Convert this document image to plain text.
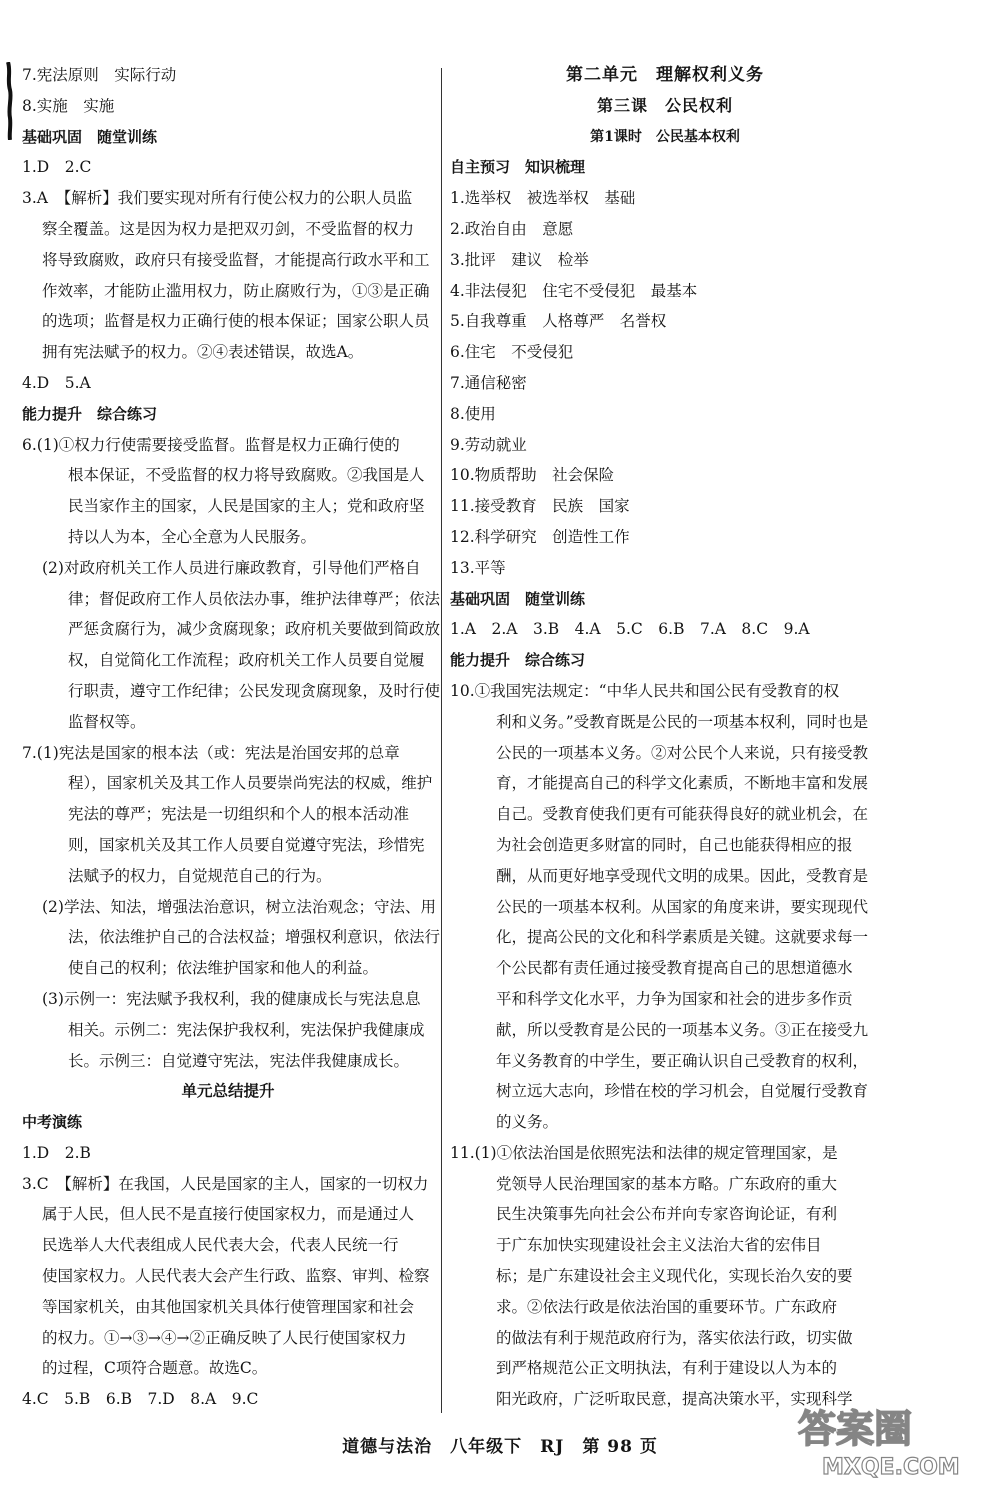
7.宪法原则　实际行动
8.实施　实施
基础巩固　随堂训练
1.D　2.C
3.A　【解析】我们要实现对所有行使公权力的公职人员监
察全覆盖。这是因为权力是把双刃剑，不受监督的权力
将导致腐败，政府只有接受监督，才能提高行政水平和工
作效率，才能防止滥用权力，防止腐败行为，①③是正确
的选项；监督是权力正确行使的根本保证；国家公职人员
拥有宪法赋予的权力。②④表述错误，故选A。
4.D　5.A
能力提升　综合练习
6.(1)①权力行使需要接受监督。监督是权力正确行使的
根本保证，不受监督的权力将导致腐败。②我国是人
民当家作主的国家，人民是国家的主人；党和政府坚
持以人为本，全心全意为人民服务。
(2)对政府机关工作人员进行廉政教育，引导他们严格自
律；督促政府工作人员依法办事，维护法律尊严；依法
严惩贪腐行为，减少贪腐现象；政府机关要做到简政放
权，自觉简化工作流程；政府机关工作人员要自觉履
行职责，遵守工作纪律；公民发现贪腐现象，及时行使
监督权等。
7.(1)宪法是国家的根本法（或：宪法是治国安邦的总章
程），国家机关及其工作人员要崇尚宪法的权威，维护
宪法的尊严；宪法是一切组织和个人的根本活动准
则，国家机关及其工作人员要自觉遵守宪法，珍惜宪
法赋予的权力，自觉规范自己的行为。
(2)学法、知法，增强法治意识，树立法治观念；守法、用
法，依法维护自己的合法权益；增强权利意识，依法行
使自己的权利；依法维护国家和他人的利益。
(3)示例一：宪法赋予我权利，我的健康成长与宪法息息
相关。示例二：宪法保护我权利，宪法保护我健康成
长。示例三：自觉遵守宪法，宪法伴我健康成长。
单元总结提升
中考演练
1.D　2.B
3.C　【解析】在我国，人民是国家的主人，国家的一切权力
属于人民，但人民不是直接行使国家权力，而是通过人
民选举人大代表组成人民代表大会，代表人民统一行
使国家权力。人民代表大会产生行政、监察、审判、检察
等国家机关，由其他国家机关具体行使管理国家和社会
的权力。①→③→④→②正确反映了人民行使国家权力
的过程，C项符合题意。故选C。
4.C　5.B　6.B　7.D　8.A　9.C
第二单元　理解权利义务
第三课　公民权利
第1课时　公民基本权利
自主预习　知识梳理
1.选举权　被选举权　基础
2.政治自由　意愿
3.批评　建议　检举
4.非法侵犯　住宅不受侵犯　最基本
5.自我尊重　人格尊严　名誉权
6.住宅　不受侵犯
7.通信秘密
8.使用
9.劳动就业
10.物质帮助　社会保险
11.接受教育　民族　国家
12.科学研究　创造性工作
13.平等
基础巩固　随堂训练
1.A　2.A　3.B　4.A　5.C　6.B　7.A　8.C　9.A
能力提升　综合练习
10.①我国宪法规定：“中华人民共和国公民有受教育的权
利和义务。”受教育既是公民的一项基本权利，同时也是
公民的一项基本义务。②对公民个人来说，只有接受教
育，才能提高自己的科学文化素质，不断地丰富和发展
自己。受教育使我们更有可能获得良好的就业机会，在
为社会创造更多财富的同时，自己也能获得相应的报
酬，从而更好地享受现代文明的成果。因此，受教育是
公民的一项基本权利。从国家的角度来讲，要实现现代
化，提高公民的文化和科学素质是关键。这就要求每一
个公民都有责任通过接受教育提高自己的思想道德水
平和科学文化水平，力争为国家和社会的进步多作贡
献，所以受教育是公民的一项基本义务。③正在接受九
年义务教育的中学生，要正确认识自己受教育的权利，
树立远大志向，珍惜在校的学习机会，自觉履行受教育
的义务。
11.(1)①依法治国是依照宪法和法律的规定管理国家，是
党领导人民治理国家的基本方略。广东政府的重大
民生决策事先向社会公布并向专家咨询论证，有利
于广东加快实现建设社会主义法治大省的宏伟目
标；是广东建设社会主义现代化，实现长治久安的要
求。②依法行政是依法治国的重要环节。广东政府
的做法有利于规范政府行为，落实依法行政，切实做
到严格规范公正文明执法，有利于建设以人为本的
阳光政府，广泛听取民意，提高决策水平，实现科学
道德与法治　八年级下　RJ　第 98 页	答案圈
MXQE.COM
